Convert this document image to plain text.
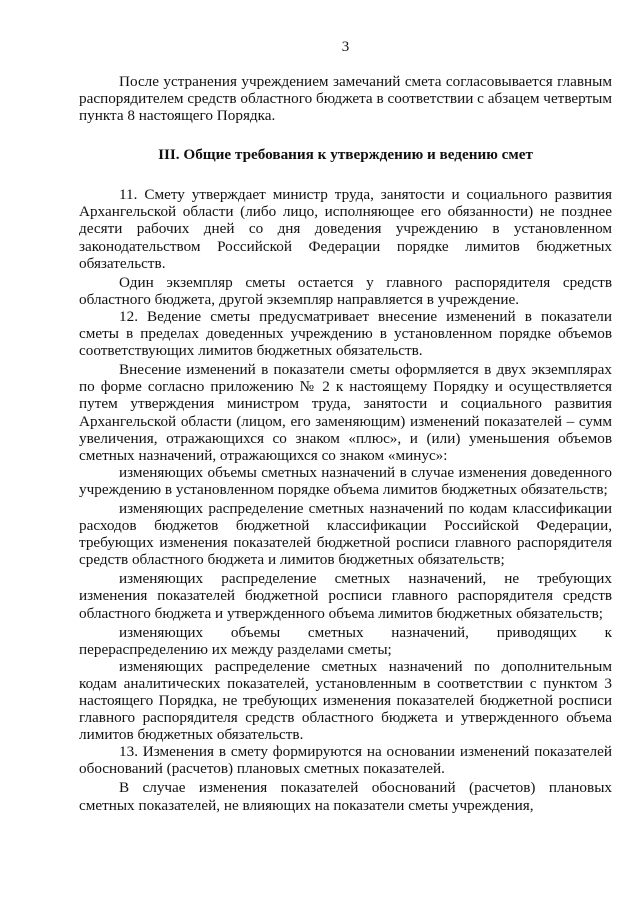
3

После устранения учреждением замечаний смета согласовывается главным распорядителем средств областного бюджета в соответствии с абзацем четвертым пункта 8 настоящего Порядка.

III. Общие требования к утверждению и ведению смет

11. Смету утверждает министр труда, занятости и социального развития Архангельской области (либо лицо, исполняющее его обязанности) не позднее десяти рабочих дней со дня доведения учреждению в установленном законодательством Российской Федерации порядке лимитов бюджетных обязательств.

Один экземпляр сметы остается у главного распорядителя средств областного бюджета, другой экземпляр направляется в учреждение.

12. Ведение сметы предусматривает внесение изменений в показатели сметы в пределах доведенных учреждению в установленном порядке объемов соответствующих лимитов бюджетных обязательств.

Внесение изменений в показатели сметы оформляется в двух экземплярах по форме согласно приложению № 2 к настоящему Порядку и осуществляется путем утверждения министром труда, занятости и социального развития Архангельской области (лицом, его заменяющим) изменений показателей – сумм увеличения, отражающихся со знаком «плюс», и (или) уменьшения объемов сметных назначений, отражающихся со знаком «минус»:

изменяющих объемы сметных назначений в случае изменения доведенного учреждению в установленном порядке объема лимитов бюджетных обязательств;

изменяющих распределение сметных назначений по кодам классификации расходов бюджетов бюджетной классификации Российской Федерации, требующих изменения показателей бюджетной росписи главного распорядителя средств областного бюджета и лимитов бюджетных обязательств;

изменяющих распределение сметных назначений, не требующих изменения показателей бюджетной росписи главного распорядителя средств областного бюджета и утвержденного объема лимитов бюджетных обязательств;

изменяющих объемы сметных назначений, приводящих к перераспределению их между разделами сметы;

изменяющих распределение сметных назначений по дополнительным кодам аналитических показателей, установленным в соответствии с пунктом 3 настоящего Порядка, не требующих изменения показателей бюджетной росписи главного распорядителя средств областного бюджета и утвержденного объема лимитов бюджетных обязательств.

13. Изменения в смету формируются на основании изменений показателей обоснований (расчетов) плановых сметных показателей.

В случае изменения показателей обоснований (расчетов) плановых сметных показателей, не влияющих на показатели сметы учреждения,
